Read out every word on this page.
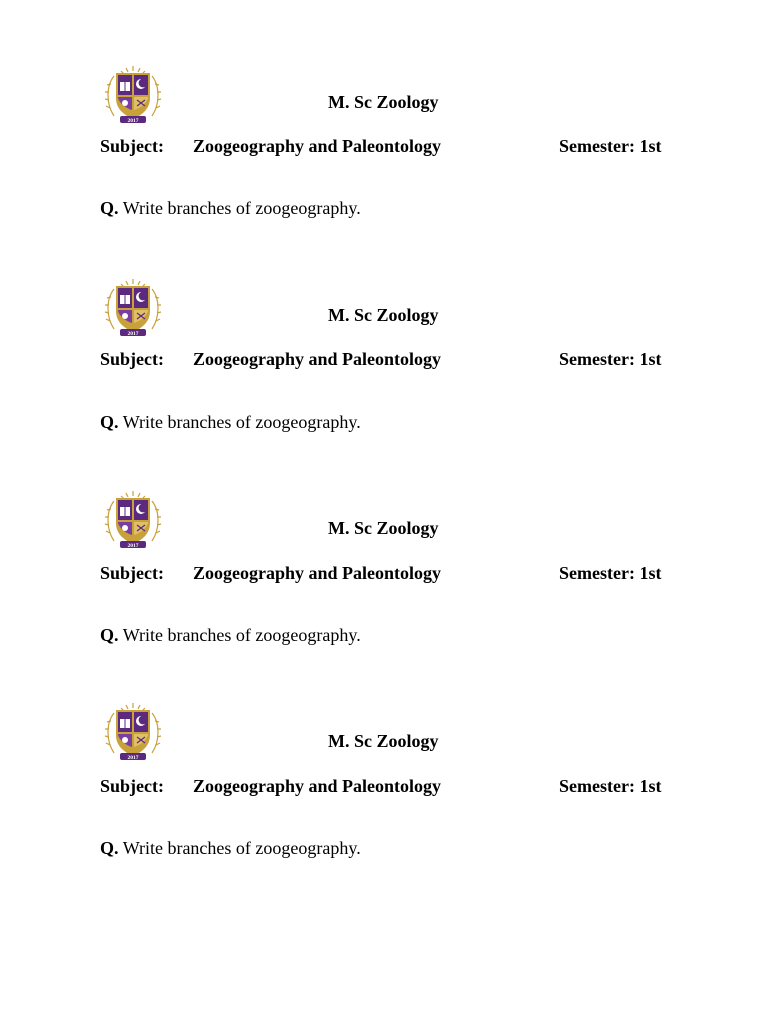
2017
M. Sc Zoology
Subject: Zoogeography and Paleontology	Semester: 1st
Q. Write branches of zoogeography.
2017
M. Sc Zoology
Subject: Zoogeography and Paleontology	Semester: 1st
Q. Write branches of zoogeography.
2017
M. Sc Zoology
Subject: Zoogeography and Paleontology	Semester: 1st
Q. Write branches of zoogeography.
2017
M. Sc Zoology
Subject: Zoogeography and Paleontology	Semester: 1st
Q. Write branches of zoogeography.
